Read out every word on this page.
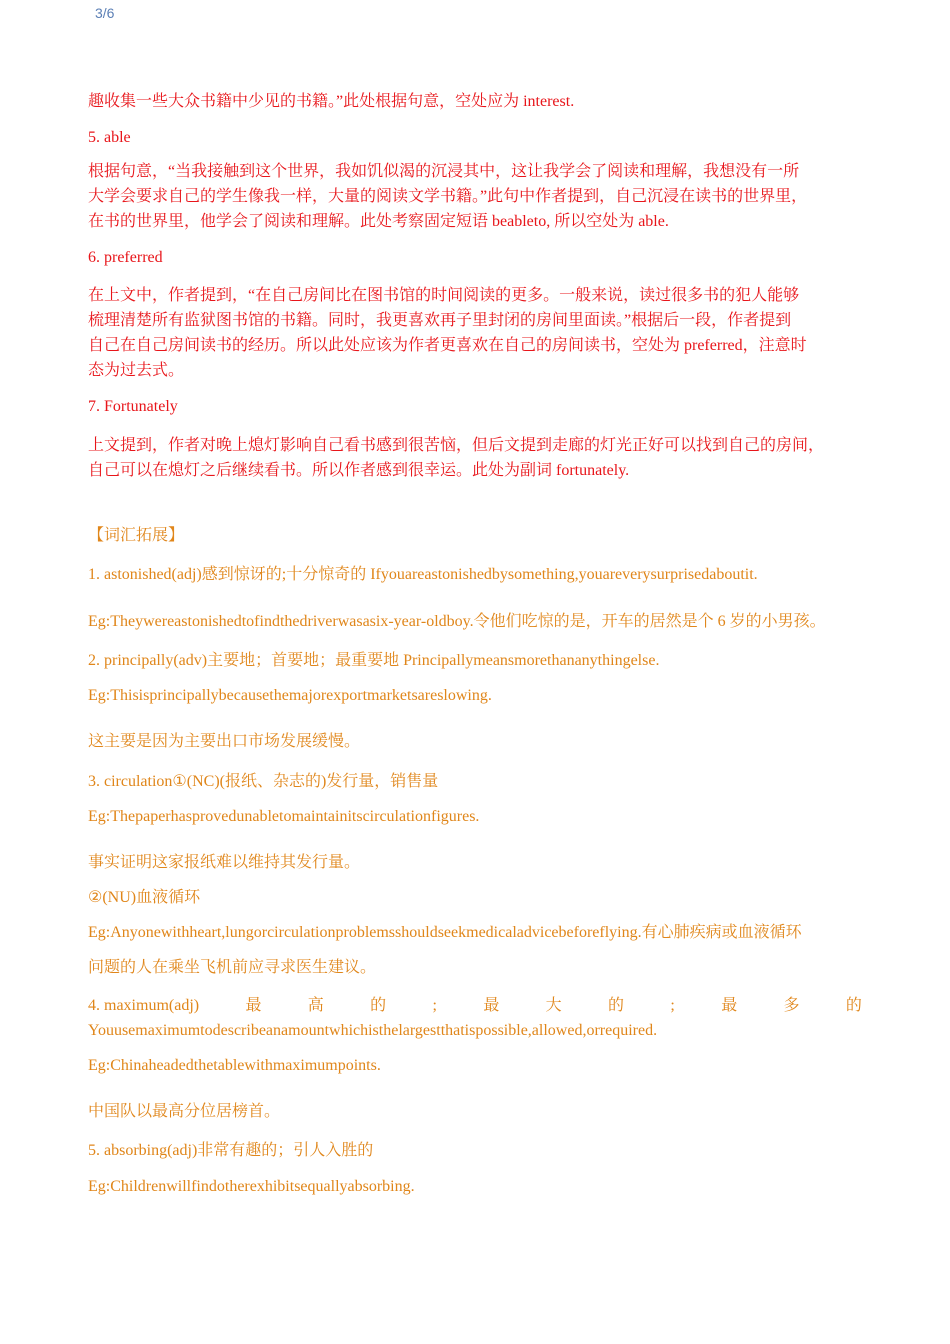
3/6

趣收集一些大众书籍中少见的书籍。”此处根据句意，空处应为 interest.

5. able

根据句意，“当我接触到这个世界，我如饥似渴的沉浸其中，这让我学会了阅读和理解，我想没有一所
大学会要求自己的学生像我一样，大量的阅读文学书籍。”此句中作者提到，自己沉浸在读书的世界里，
在书的世界里，他学会了阅读和理解。此处考察固定短语 beableto, 所以空处为 able.

6. preferred

在上文中，作者提到，“在自己房间比在图书馆的时间阅读的更多。一般来说，读过很多书的犯人能够
梳理清楚所有监狱图书馆的书籍。同时，我更喜欢再子里封闭的房间里面读。”根据后一段，作者提到
自己在自己房间读书的经历。所以此处应该为作者更喜欢在自己的房间读书，空处为 preferred，注意时
态为过去式。

7. Fortunately

上文提到，作者对晚上熄灯影响自己看书感到很苦恼，但后文提到走廊的灯光正好可以找到自己的房间，
自己可以在熄灯之后继续看书。所以作者感到很幸运。此处为副词 fortunately.

【词汇拓展】

1. astonished(adj)感到惊讶的;十分惊奇的 Ifyouareastonishedbysomething,youareverysurprisedaboutit.

Eg:Theywereastonishedtofindthedriverwasasix-year-oldboy.令他们吃惊的是，开车的居然是个 6 岁的小男孩。

2. principally(adv)主要地；首要地；最重要地 Principallymeansmorethananythingelse.

Eg:Thisisprincipallybecausethemajorexportmarketsareslowing.

这主要是因为主要出口市场发展缓慢。

3. circulation①(NC)(报纸、杂志的)发行量，销售量

Eg:Thepaperhasprovedunabletomaintainitscirculationfigures.

事实证明这家报纸难以维持其发行量。

②(NU)血液循环

Eg:Anyonewithheart,lungorcirculationproblemsshouldseekmedicaladvicebeforeflying.有心肺疾病或血液循环

问题的人在乘坐飞机前应寻求医生建议。

4. maximum(adj)	最	高	的	;	最	大	的	;	最	多	的
Youusemaximumtodescribeanamountwhichisthelargestthatispossible,allowed,orrequired.

Eg:Chinaheadedthetablewithmaximumpoints.

中国队以最高分位居榜首。

5. absorbing(adj)非常有趣的；引人入胜的

Eg:Childrenwillfindotherexhibitsequallyabsorbing.
